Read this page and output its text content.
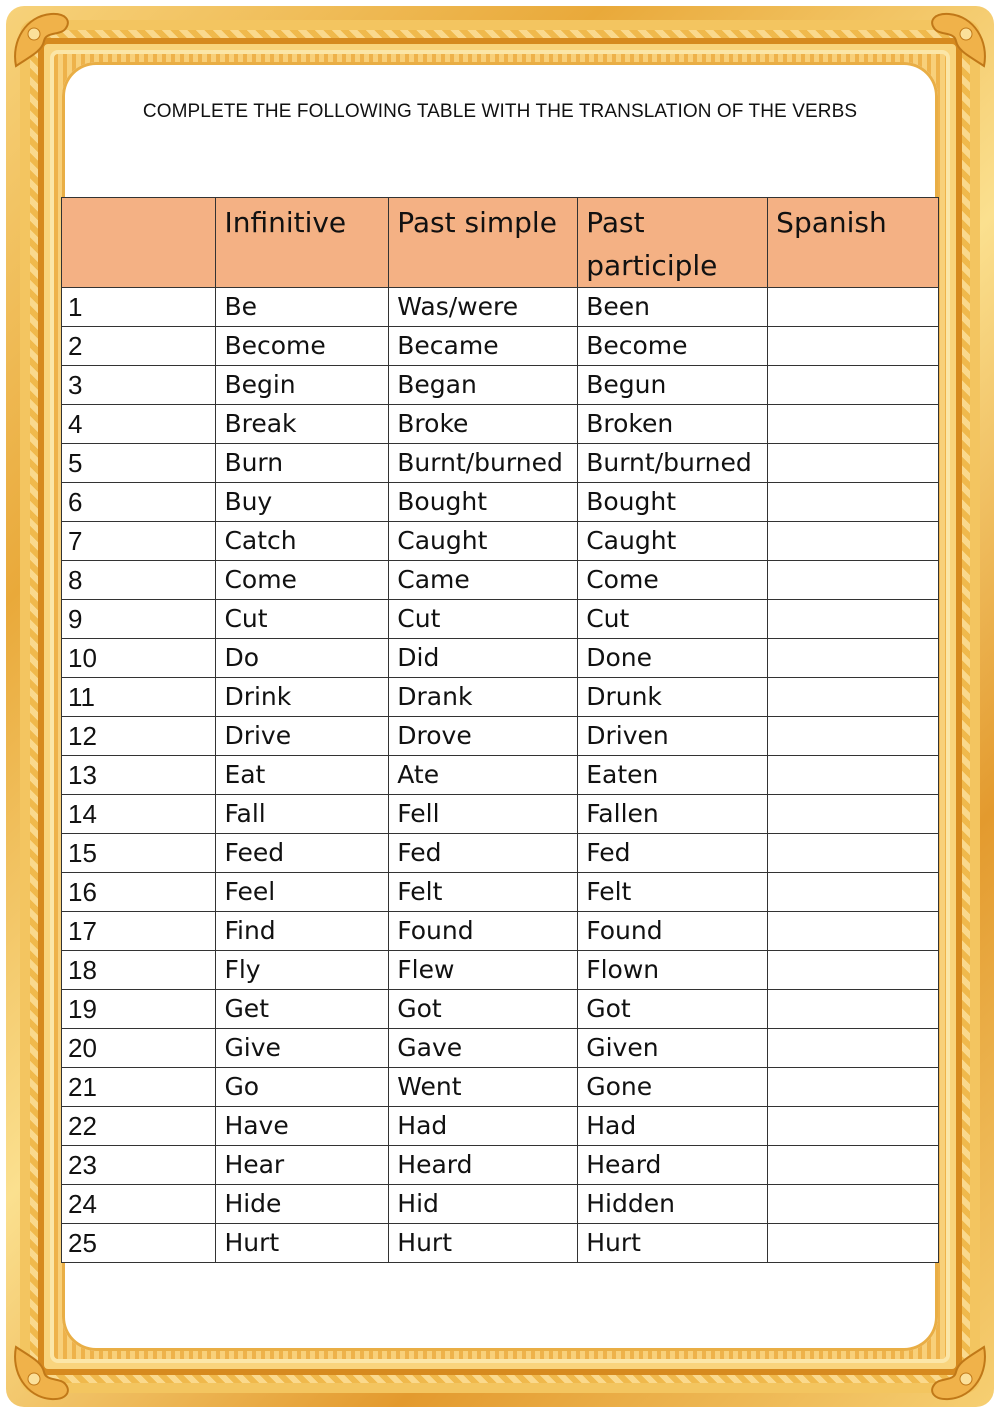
COMPLETE THE FOLLOWING TABLE WITH THE TRANSLATION OF THE VERBS
	Infinitive	Past simple	Past participle	Spanish
1	Be	Was/were	Been	
2	Become	Became	Become	
3	Begin	Began	Begun	
4	Break	Broke	Broken	
5	Burn	Burnt/burned	Burnt/burned	
6	Buy	Bought	Bought	
7	Catch	Caught	Caught	
8	Come	Came	Come	
9	Cut	Cut	Cut	
10	Do	Did	Done	
11	Drink	Drank	Drunk	
12	Drive	Drove	Driven	
13	Eat	Ate	Eaten	
14	Fall	Fell	Fallen	
15	Feed	Fed	Fed	
16	Feel	Felt	Felt	
17	Find	Found	Found	
18	Fly	Flew	Flown	
19	Get	Got	Got	
20	Give	Gave	Given	
21	Go	Went	Gone	
22	Have	Had	Had	
23	Hear	Heard	Heard	
24	Hide	Hid	Hidden	
25	Hurt	Hurt	Hurt	
